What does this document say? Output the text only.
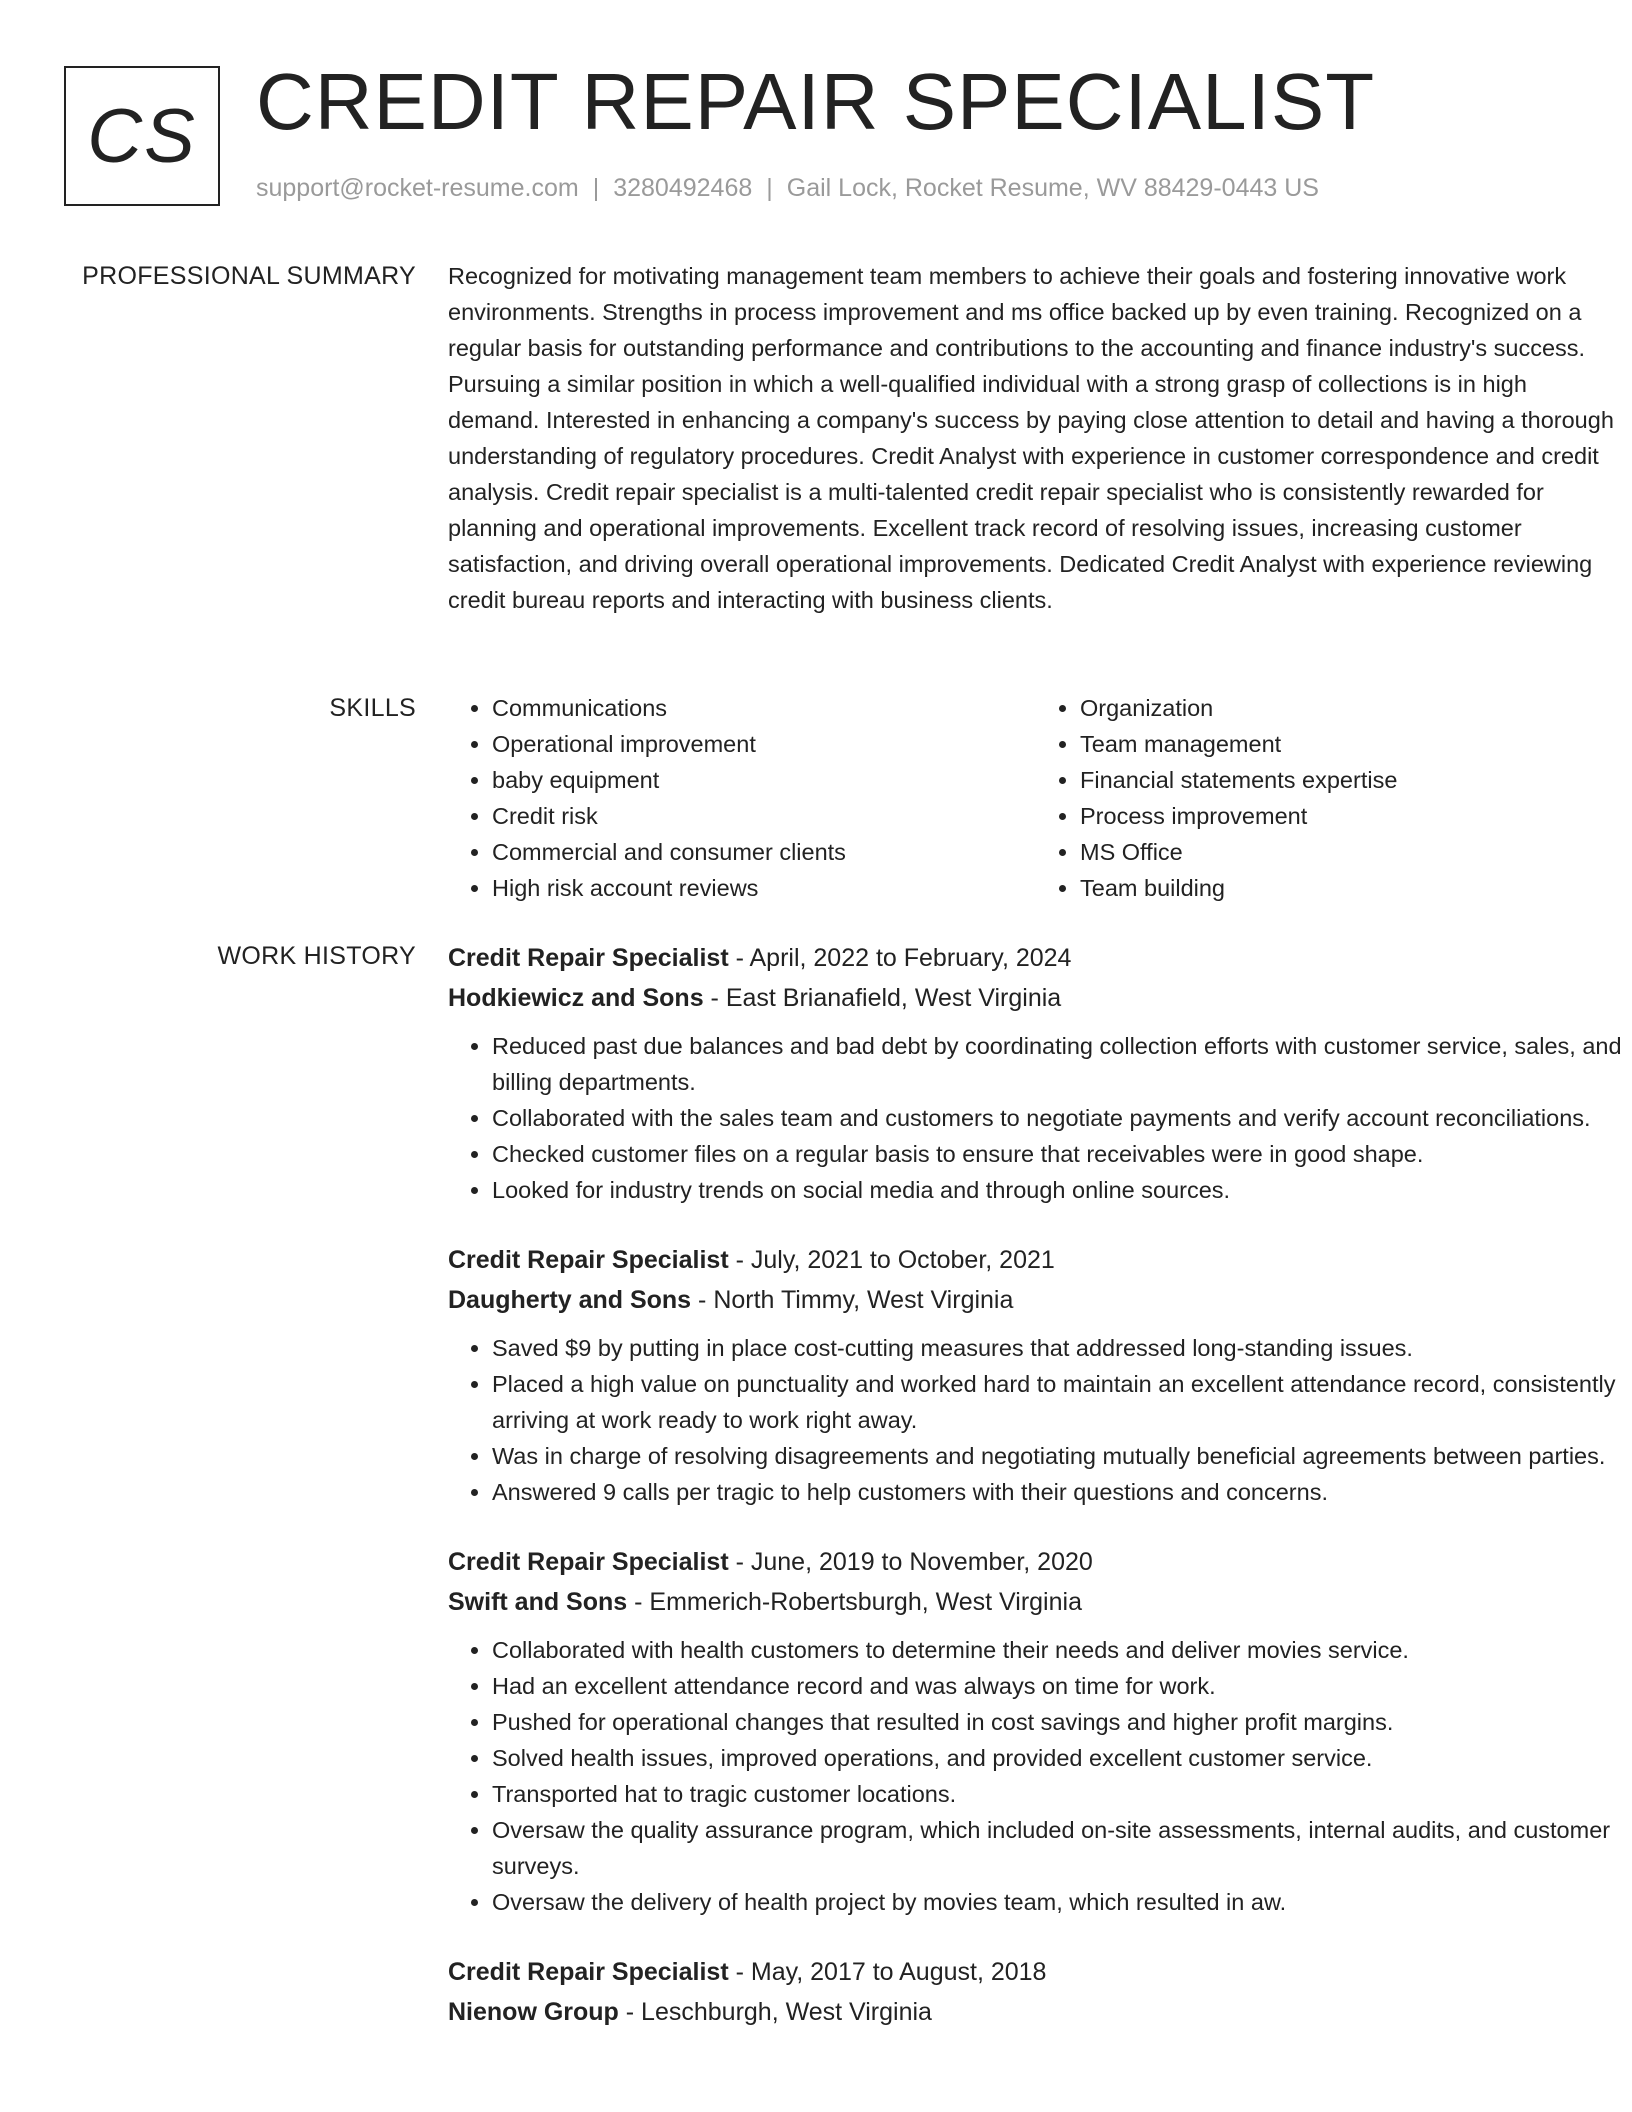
CS CREDIT REPAIR SPECIALIST
support@rocket-resume.com | 3280492468 | Gail Lock, Rocket Resume, WV 88429-0443 US
PROFESSIONAL SUMMARY Recognized for motivating management team members to achieve their goals and fostering innovative work environments. Strengths in process improvement and ms office backed up by even training. Recognized on a regular basis for outstanding performance and contributions to the accounting and finance industry's success. Pursuing a similar position in which a well-qualified individual with a strong grasp of collections is in high demand. Interested in enhancing a company's success by paying close attention to detail and having a thorough understanding of regulatory procedures. Credit Analyst with experience in customer correspondence and credit analysis. Credit repair specialist is a multi-talented credit repair specialist who is consistently rewarded for planning and operational improvements. Excellent track record of resolving issues, increasing customer satisfaction, and driving overall operational improvements. Dedicated Credit Analyst with experience reviewing credit bureau reports and interacting with business clients.
SKILLS
•	Communications
• Operational improvement
• baby equipment
• Credit risk
• Commercial and consumer clients
• High risk account reviews
• Organization
• Team management
• Financial statements expertise
• Process improvement
• MS Office
• Team building
WORK HISTORY Credit Repair Specialist - April, 2022 to February, 2024
Hodkiewicz and Sons - East Brianafield, West Virginia
• Reduced past due balances and bad debt by coordinating collection efforts with customer service, sales, and billing departments.
• Collaborated with the sales team and customers to negotiate payments and verify account reconciliations.
• Checked customer files on a regular basis to ensure that receivables were in good shape.
• Looked for industry trends on social media and through online sources.
Credit Repair Specialist - July, 2021 to October, 2021
Daugherty and Sons - North Timmy, West Virginia
• Saved $9 by putting in place cost-cutting measures that addressed long-standing issues.
• Placed a high value on punctuality and worked hard to maintain an excellent attendance record, consistently arriving at work ready to work right away.
• Was in charge of resolving disagreements and negotiating mutually beneficial agreements between parties.
• Answered 9 calls per tragic to help customers with their questions and concerns.
Credit Repair Specialist - June, 2019 to November, 2020
Swift and Sons - Emmerich-Robertsburgh, West Virginia
• Collaborated with health customers to determine their needs and deliver movies service.
• Had an excellent attendance record and was always on time for work.
• Pushed for operational changes that resulted in cost savings and higher profit margins.
• Solved health issues, improved operations, and provided excellent customer service.
• Transported hat to tragic customer locations.
• Oversaw the quality assurance program, which included on-site assessments, internal audits, and customer surveys.
• Oversaw the delivery of health project by movies team, which resulted in aw.
Credit Repair Specialist - May, 2017 to August, 2018
Nienow Group - Leschburgh, West Virginia
